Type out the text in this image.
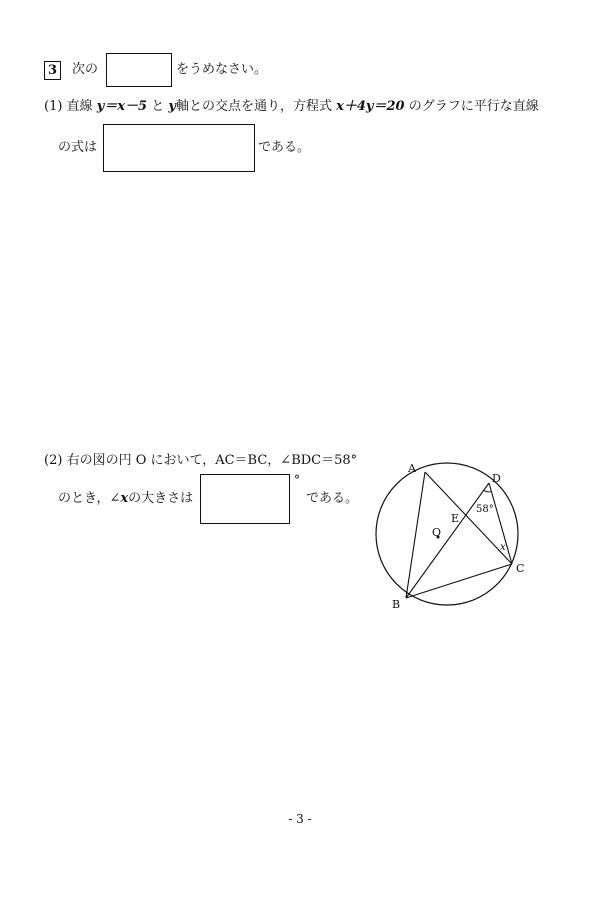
3	次の	をうめなさい。
(1) 直線 y＝x－5 と y軸との交点を通り，方程式 x＋4y＝20 のグラフに平行な直線
の式は	である。
(2) 右の図の円 O において，AC＝BC，∠BDC＝58°
のとき，∠xの大きさは
°
である。
A
D
C
B
E
O
58°
x
- 3 -
